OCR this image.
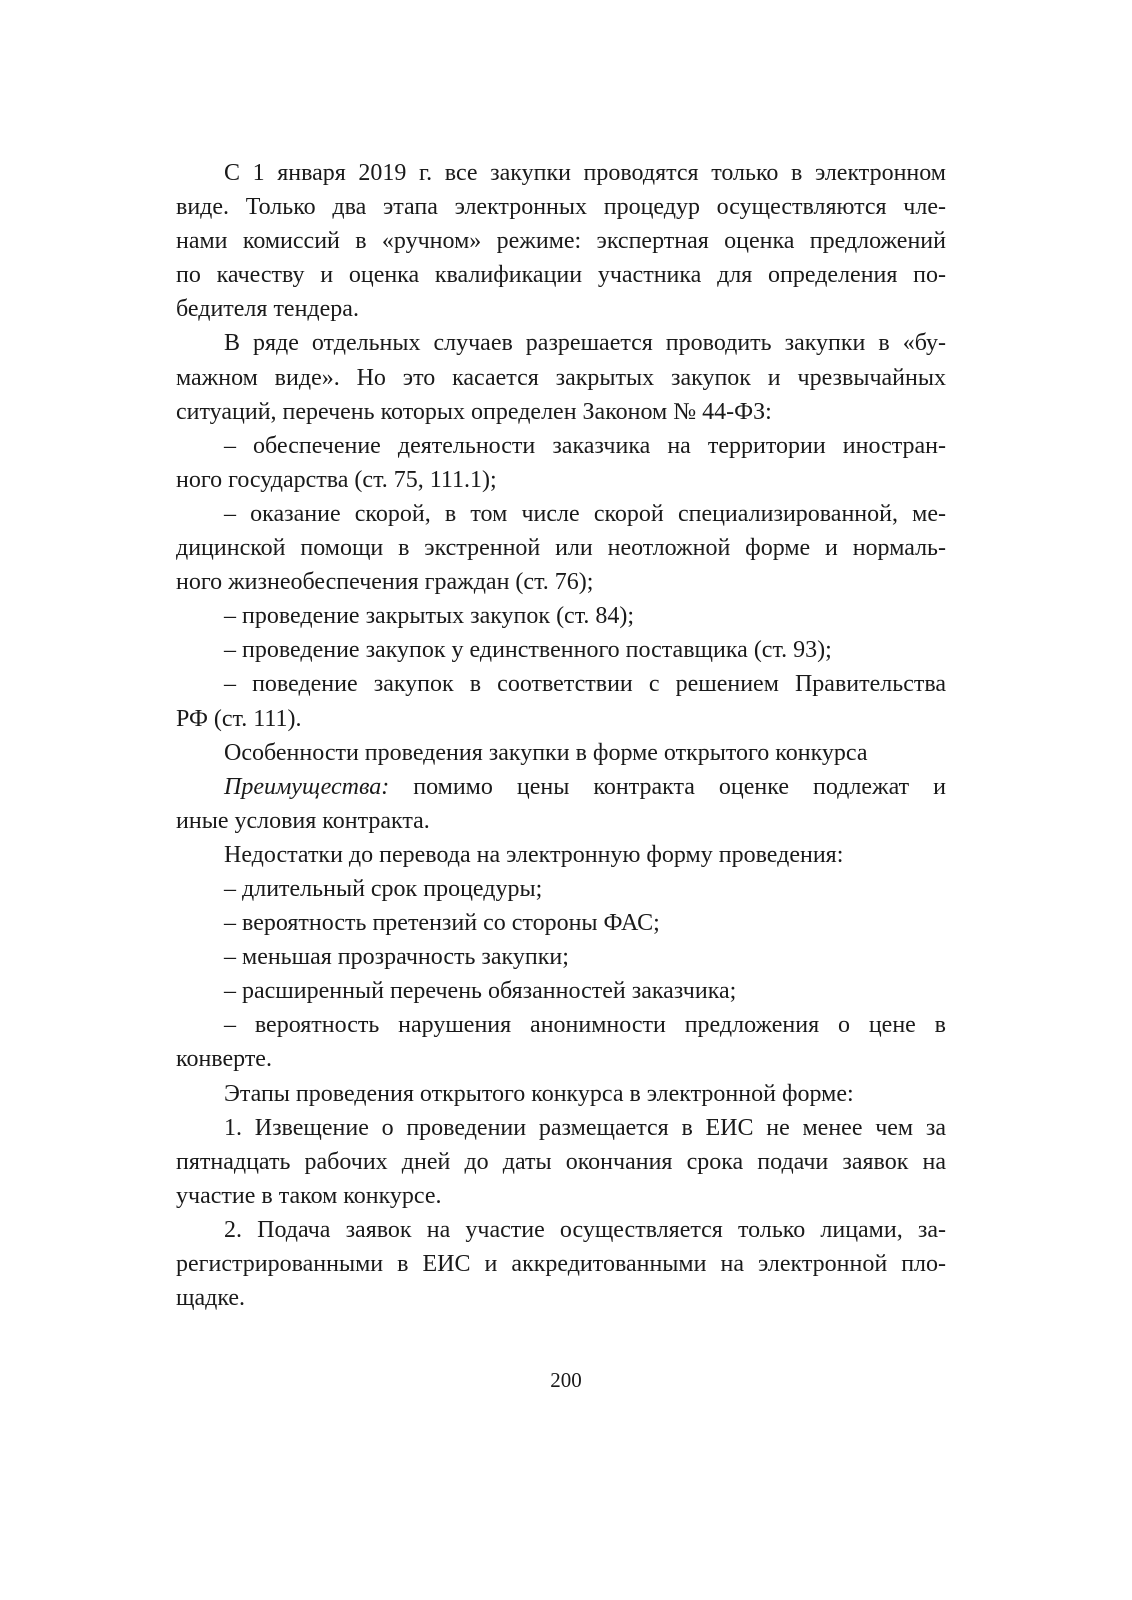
С 1 января 2019 г. все закупки проводятся только в электронном
виде. Только два этапа электронных процедур осуществляются чле-
нами комиссий в «ручном» режиме: экспертная оценка предложений
по качеству и оценка квалификации участника для определения по-
бедителя тендера.
В ряде отдельных случаев разрешается проводить закупки в «бу-
мажном виде». Но это касается закрытых закупок и чрезвычайных
ситуаций, перечень которых определен Законом № 44-ФЗ:
– обеспечение деятельности заказчика на территории иностран-
ного государства (ст. 75, 111.1);
– оказание скорой, в том числе скорой специализированной, ме-
дицинской помощи в экстренной или неотложной форме и нормаль-
ного жизнеобеспечения граждан (ст. 76);
– проведение закрытых закупок (ст. 84);
– проведение закупок у единственного поставщика (ст. 93);
– поведение закупок в соответствии с решением Правительства
РФ (ст. 111).
Особенности проведения закупки в форме открытого конкурса
Преимущества: помимо цены контракта оценке подлежат и
иные условия контракта.
Недостатки до перевода на электронную форму проведения:
– длительный срок процедуры;
– вероятность претензий со стороны ФАС;
– меньшая прозрачность закупки;
– расширенный перечень обязанностей заказчика;
– вероятность нарушения анонимности предложения о цене в
конверте.
Этапы проведения открытого конкурса в электронной форме:
1. Извещение о проведении размещается в ЕИС не менее чем за
пятнадцать рабочих дней до даты окончания срока подачи заявок на
участие в таком конкурсе.
2. Подача заявок на участие осуществляется только лицами, за-
регистрированными в ЕИС и аккредитованными на электронной пло-
щадке.
200
